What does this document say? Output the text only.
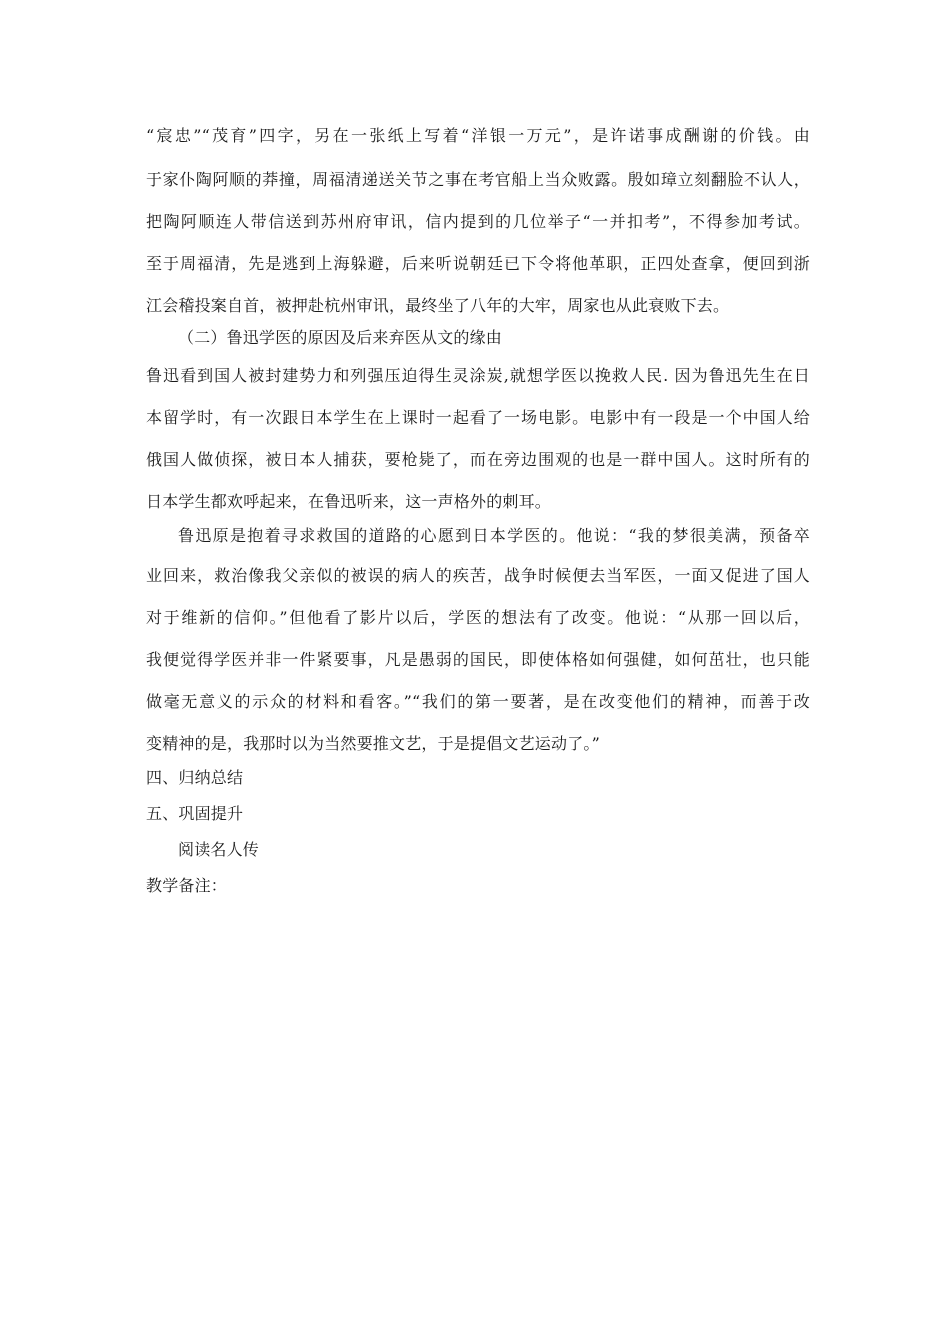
“宸忠”“茂育”四字，另在一张纸上写着“洋银一万元”，是许诺事成酬谢的价钱。由
于家仆陶阿顺的莽撞，周福清递送关节之事在考官船上当众败露。殷如璋立刻翻脸不认人，
把陶阿顺连人带信送到苏州府审讯，信内提到的几位举子“一并扣考”，不得参加考试。
至于周福清，先是逃到上海躲避，后来听说朝廷已下令将他革职，正四处查拿，便回到浙
江会稽投案自首，被押赴杭州审讯，最终坐了八年的大牢，周家也从此衰败下去。
（二）鲁迅学医的原因及后来弃医从文的缘由
鲁迅看到国人被封建势力和列强压迫得生灵涂炭,就想学医以挽救人民. 因为鲁迅先生在日
本留学时，有一次跟日本学生在上课时一起看了一场电影。电影中有一段是一个中国人给
俄国人做侦探，被日本人捕获，要枪毙了，而在旁边围观的也是一群中国人。这时所有的
日本学生都欢呼起来，在鲁迅听来，这一声格外的刺耳。
鲁迅原是抱着寻求救国的道路的心愿到日本学医的。他说：“我的梦很美满，预备卒
业回来，救治像我父亲似的被误的病人的疾苦，战争时候便去当军医，一面又促进了国人
对于维新的信仰。”但他看了影片以后，学医的想法有了改变。他说：“从那一回以后，
我便觉得学医并非一件紧要事，凡是愚弱的国民，即使体格如何强健，如何茁壮，也只能
做毫无意义的示众的材料和看客。”“我们的第一要著，是在改变他们的精神，而善于改
变精神的是，我那时以为当然要推文艺，于是提倡文艺运动了。”
四、归纳总结
五、巩固提升
阅读名人传
教学备注：
